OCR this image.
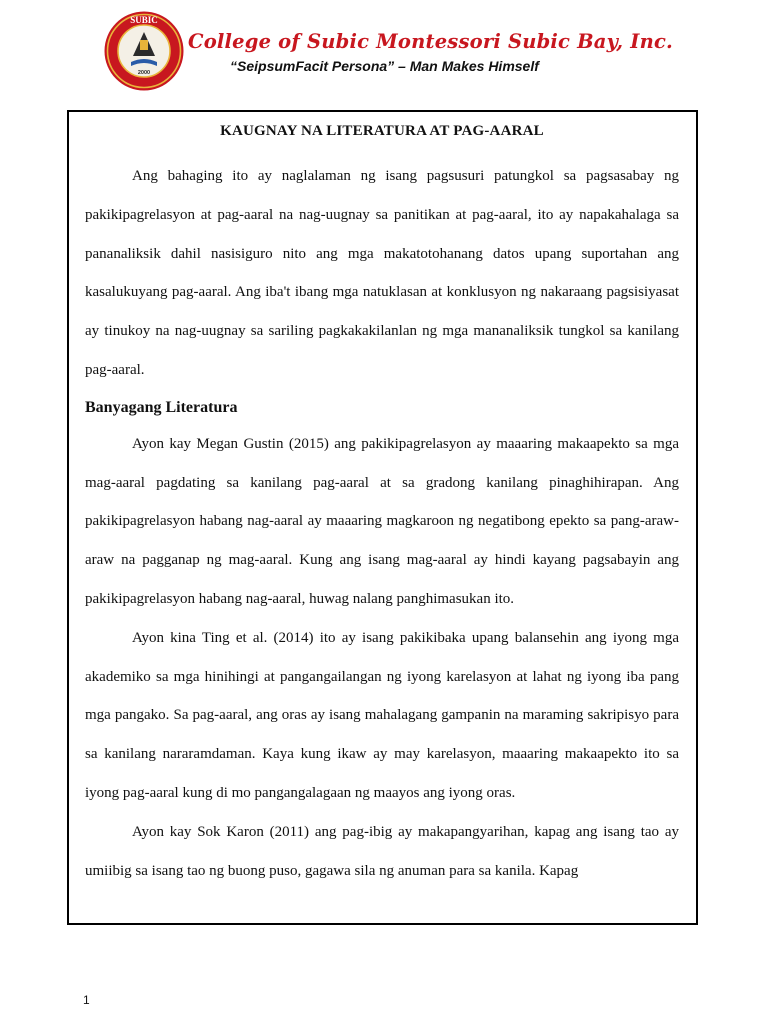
SUBIC
2000
College of Subic Montessori Subic Bay, Inc.
“SeipsumFacit Persona” – Man Makes Himself
KAUGNAY NA LITERATURA AT PAG-AARAL

Ang bahaging ito ay naglalaman ng isang pagsusuri patungkol sa pagsasabay ng pakikipagrelasyon at pag-aaral na nag-uugnay sa panitikan at pag-aaral, ito ay napakahalaga sa pananaliksik dahil nasisiguro nito ang mga makatotohanang datos upang suportahan ang kasalukuyang pag-aaral. Ang iba't ibang mga natuklasan at konklusyon ng nakaraang pagsisiyasat ay tinukoy na nag-uugnay sa sariling pagkakakilanlan ng mga mananaliksik tungkol sa kanilang pag-aaral.

Banyagang Literatura

Ayon kay Megan Gustin (2015) ang pakikipagrelasyon ay maaaring makaapekto sa mga mag-aaral pagdating sa kanilang pag-aaral at sa gradong kanilang pinaghihirapan. Ang pakikipagrelasyon habang nag-aaral ay maaaring magkaroon ng negatibong epekto sa pang-araw-araw na pagganap ng mag-aaral. Kung ang isang mag-aaral ay hindi kayang pagsabayin ang pakikipagrelasyon habang nag-aaral, huwag nalang panghimasukan ito.

Ayon kina Ting et al. (2014) ito ay isang pakikibaka upang balansehin ang iyong mga akademiko sa mga hinihingi at pangangailangan ng iyong karelasyon at lahat ng iyong iba pang mga pangako. Sa pag-aaral, ang oras ay isang mahalagang gampanin na maraming sakripisyo para sa kanilang nararamdaman. Kaya kung ikaw ay may karelasyon, maaaring makaapekto ito sa iyong pag-aaral kung di mo pangangalagaan ng maayos ang iyong oras.

Ayon kay Sok Karon (2011) ang pag-ibig ay makapangyarihan, kapag ang isang tao ay umiibig sa isang tao ng buong puso, gagawa sila ng anuman para sa kanila. Kapag

1
